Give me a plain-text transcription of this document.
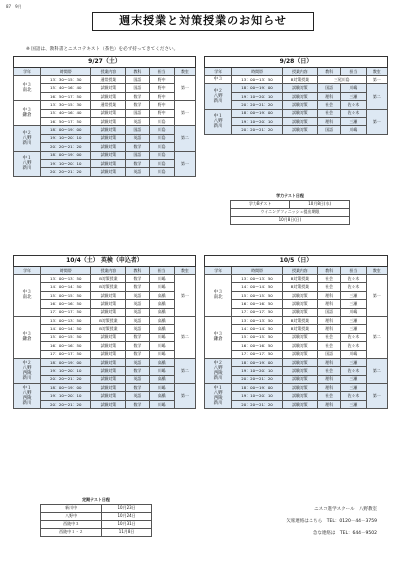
87　9月
週末授業と対策授業のお知らせ
※ 国語は、教科書とニスコテキスト（茶色）を必ず持ってきてください。
9/27（土）					
学年	時間帯	授業内容	教科	担当	教室
中３
南北	13：30～15：30	通常授業	国語	野中	第一
	15：40～16：40	試験対策	国語	野中	
	16：50～17：50	試験対策	数学	野中	
中３
鎌倉	13：30～15：30	通常授業	数学	野中	第一
	15：40～16：40	試験対策	国語	野中	
	16：50～17：50	試験対策	英語	川島	
中２
八野
新川	18：00～19：00	試験対策	国語	川島	第二
	19：10～20：10	試験対策	英語	川島	
	20：20～21：20	試験対策	数学	川島	
中１
八野
新川	18：00～19：00	試験対策	国語	川島	第一
	19：10～20：10	試験対策	数学	川島	
	20：20～21：20	試験対策	英語	川島	
9/28（日）					
学年	時間帯	授業内容	教科	担当	教室
中３	13：00～13：50	B対策授業	三尾川島		第一
中２
八野
新川	18：00～19：00	試験対策	国語	川嶋	第二
	19：10～20：10	試験対策	理科	三瀬	
	20：20～21：20	試験対策	社会	佐々木	
中１
八野
新川	18：00～19：00	試験対策	社会	佐々木	第一
	19：10～20：10	試験対策	理科	三瀬	
	20：20～21：20	試験対策	国語	川嶋	
10/4（土） 英検（申込者）					
学年	時間帯	授業内容	教科	担当	教室
中３
南北	13：00～13：50	B対策授業	数学	川嶋	第一
	14：00～14：50	B対策授業	数学	川嶋	
	15：00～15：50	試験対策	英語	高橋	
	16：00～16：50	試験対策	英語	高橋	
	17：00～17：50	試験対策	英語	高橋	
中３
鎌倉	13：00～13：50	B対策授業	英語	高橋	第二
	14：00～14：50	B対策授業	英語	高橋	
	15：00～15：50	試験対策	数学	川嶋	
	16：00～16：50	試験対策	数学	川嶋	
	17：00～17：50	試験対策	数学	川嶋	
中２
八野
西陵
新川	18：00～19：00	試験対策	英語	高橋	第二
	19：10～20：10	試験対策	数学	川嶋	
	20：20～21：20	試験対策	英語	高橋	
中１
八野
西陵
新川	18：00～19：00	試験対策	数学	川嶋	第一
	19：10～20：10	試験対策	英語	高橋	
	20：20～21：20	試験対策	数学	川嶋	
10/5（日）					
学年	時間帯	授業内容	教科	担当	教室
中３
南北	13：00～13：50	B対策授業	社会	佐々木	第一
	14：00～14：50	B対策授業	社会	佐々木	
	15：00～15：50	試験対策	理科	三瀬	
	16：00～16：50	試験対策	理科	三瀬	
	17：00～17：50	試験対策	国語	川嶋	
中３
鎌倉	13：00～13：50	B対策授業	理科	三瀬	第二
	14：00～14：50	B対策授業	理科	三瀬	
	15：00～15：50	試験対策	社会	佐々木	
	16：00～16：50	試験対策	社会	佐々木	
	17：00～17：50	試験対策	国語	川嶋	
中２
八野
西陵
新川	18：00～19：00	試験対策	理科	三瀬	第二
	19：10～20：10	試験対策	社会	佐々木	
	20：20～21：20	試験対策	理科	三瀬	
中１
八野
西陵
新川	18：00～19：00	試験対策	理科	三瀬	第一
	19：10～20：10	試験対策	社会	佐々木	
	20：20～21：20	試験対策	理科	三瀬	
学力テスト日程
学力Bテスト	10月8日(水)
ウイニングフィニッシュ提出期限
10月8日(日)
定期テスト日程	
新川中	10月23日
八野中	10月24日
西陵中３	10月31日
西陵中１・２	11月8日
ニスコ進学スクール　八野教室
欠席連絡はこちら　TEL：0120－44－3759
急な連絡は　TEL：644－9502
